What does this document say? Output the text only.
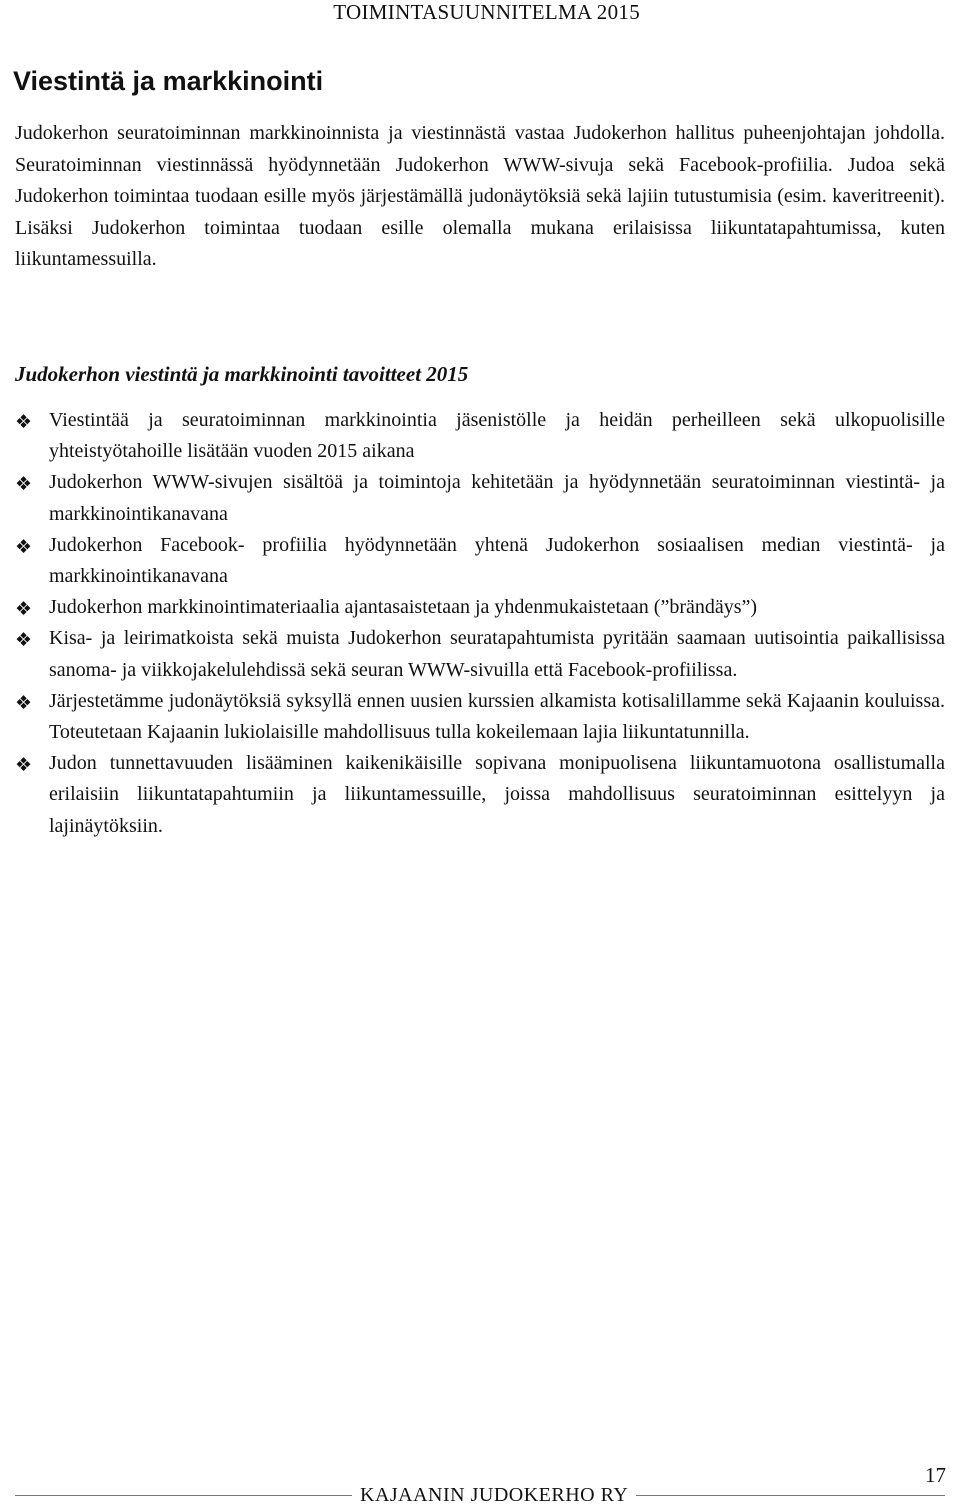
TOIMINTASUUNNITELMA 2015
Viestintä ja markkinointi

Judokerhon seuratoiminnan markkinoinnista ja viestinnästä vastaa Judokerhon hallitus puheenjohtajan johdolla. Seuratoiminnan viestinnässä hyödynnetään Judokerhon WWW-sivuja sekä Facebook-profiilia. Judoa sekä Judokerhon toimintaa tuodaan esille myös järjestämällä judonäytöksiä sekä lajiin tutustumisia (esim. kaveritreenit). Lisäksi Judokerhon toimintaa tuodaan esille olemalla mukana erilaisissa liikuntatapahtumissa, kuten liikuntamessuilla.

Judokerhon viestintä ja markkinointi tavoitteet 2015
❖ Viestintää ja seuratoiminnan markkinointia jäsenistölle ja heidän perheilleen sekä ulkopuolisille yhteistyötahoille lisätään vuoden 2015 aikana
❖ Judokerhon WWW-sivujen sisältöä ja toimintoja kehitetään ja hyödynnetään seuratoiminnan viestintä- ja markkinointikanavana
❖ Judokerhon Facebook- profiilia hyödynnetään yhtenä Judokerhon sosiaalisen median viestintä- ja markkinointikanavana
❖ Judokerhon markkinointimateriaalia ajantasaistetaan ja yhdenmukaistetaan (”brändäys”)
❖ Kisa- ja leirimatkoista sekä muista Judokerhon seuratapahtumista pyritään saamaan uutisointia paikallisissa sanoma- ja viikkojakelulehdissä sekä seuran WWW-sivuilla että Facebook-profiilissa.
❖ Järjestetämme judonäytöksiä syksyllä ennen uusien kurssien alkamista kotisalillamme sekä Kajaanin kouluissa. Toteutetaan Kajaanin lukiolaisille mahdollisuus tulla kokeilemaan lajia liikuntatunnilla.
❖ Judon tunnettavuuden lisääminen kaikenikäisille sopivana monipuolisena liikuntamuotona osallistumalla erilaisiin liikuntatapahtumiin ja liikuntamessuille, joissa mahdollisuus seuratoiminnan esittelyyn ja lajinäytöksiin.
17
KAJAANIN JUDOKERHO RY
